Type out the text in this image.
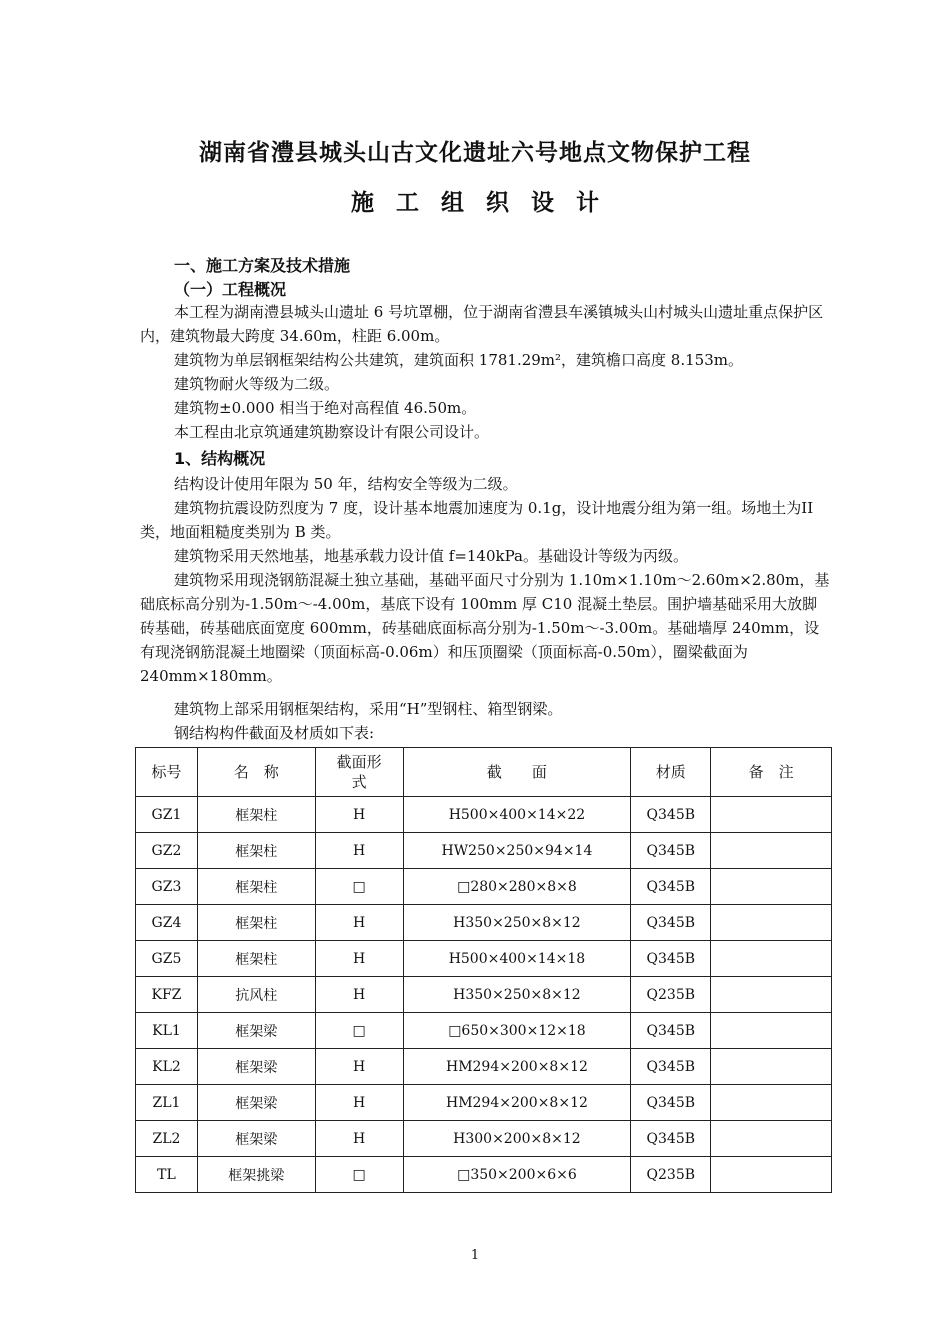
湖南省澧县城头山古文化遗址六号地点文物保护工程
施工组织设计
一、施工方案及技术措施
（一）工程概况
本工程为湖南澧县城头山遗址 6 号坑罩棚，位于湖南省澧县车溪镇城头山村城头山遗址重点保护区内，建筑物最大跨度 34.60m，柱距 6.00m。
建筑物为单层钢框架结构公共建筑，建筑面积 1781.29m²，建筑檐口高度 8.153m。
建筑物耐火等级为二级。
建筑物±0.000 相当于绝对高程值 46.50m。
本工程由北京筑通建筑勘察设计有限公司设计。
1、结构概况
结构设计使用年限为 50 年，结构安全等级为二级。
建筑物抗震设防烈度为 7 度，设计基本地震加速度为 0.1g，设计地震分组为第一组。场地土为II类，地面粗糙度类别为 B 类。
建筑物采用天然地基，地基承载力设计值 f=140kPa。基础设计等级为丙级。
建筑物采用现浇钢筋混凝土独立基础，基础平面尺寸分别为 1.10m×1.10m～2.60m×2.80m，基础底标高分别为-1.50m～-4.00m，基底下设有 100mm 厚 C10 混凝土垫层。围护墙基础采用大放脚砖基础，砖基础底面宽度 600mm，砖基础底面标高分别为-1.50m～-3.00m。基础墙厚 240mm，设有现浇钢筋混凝土地圈梁（顶面标高-0.06m）和压顶圈梁（顶面标高-0.50m），圈梁截面为 240mm×180mm。
建筑物上部采用钢框架结构，采用“H”型钢柱、箱型钢梁。
钢结构构件截面及材质如下表:
标号	名　称	截面形式	截　　面	材质	备　注
GZ1	框架柱	H	H500×400×14×22	Q345B	
GZ2	框架柱	H	HW250×250×94×14	Q345B	
GZ3	框架柱	□	□280×280×8×8	Q345B	
GZ4	框架柱	H	H350×250×8×12	Q345B	
GZ5	框架柱	H	H500×400×14×18	Q345B	
KFZ	抗风柱	H	H350×250×8×12	Q235B	
KL1	框架梁	□	□650×300×12×18	Q345B	
KL2	框架梁	H	HM294×200×8×12	Q345B	
ZL1	框架梁	H	HM294×200×8×12	Q345B	
ZL2	框架梁	H	H300×200×8×12	Q345B	
TL	框架挑梁	□	□350×200×6×6	Q235B	
1
